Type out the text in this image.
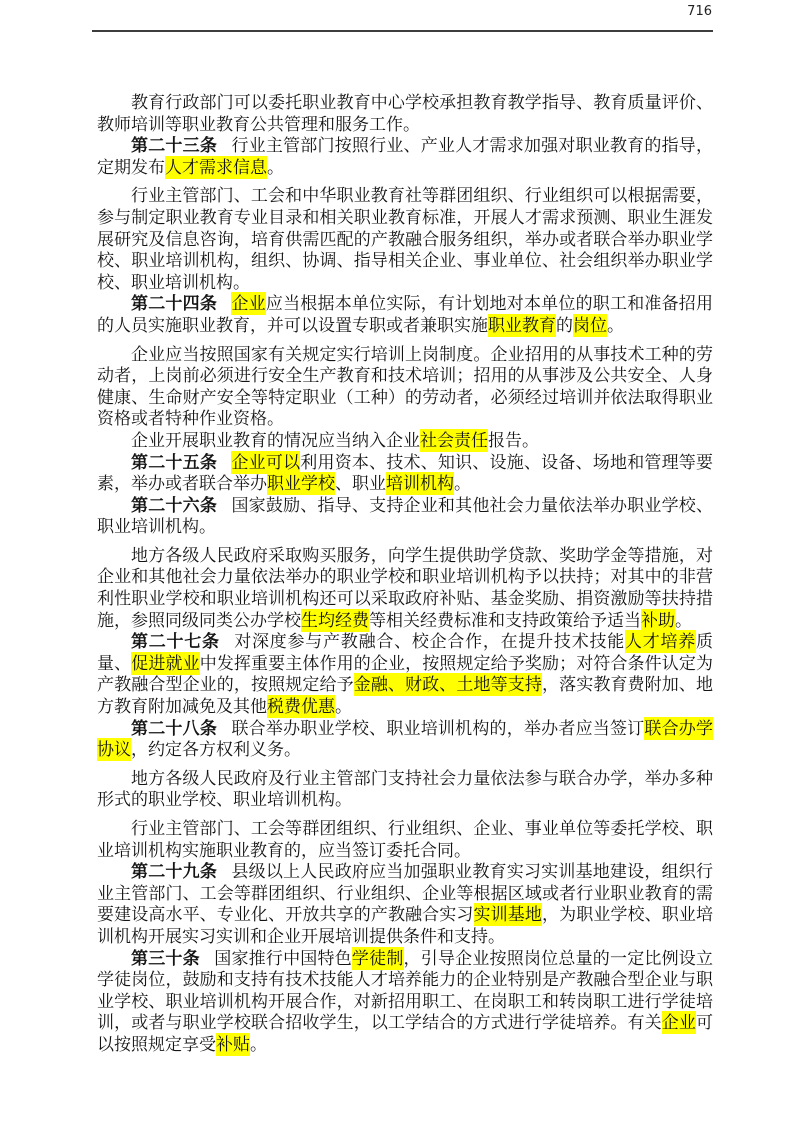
716

教育行政部门可以委托职业教育中心学校承担教育教学指导、教育质量评价、教师培训等职业教育公共管理和服务工作。

第二十三条 行业主管部门按照行业、产业人才需求加强对职业教育的指导，定期发布人才需求信息。

行业主管部门、工会和中华职业教育社等群团组织、行业组织可以根据需要，参与制定职业教育专业目录和相关职业教育标准，开展人才需求预测、职业生涯发展研究及信息咨询，培育供需匹配的产教融合服务组织，举办或者联合举办职业学校、职业培训机构，组织、协调、指导相关企业、事业单位、社会组织举办职业学校、职业培训机构。

第二十四条 企业应当根据本单位实际，有计划地对本单位的职工和准备招用的人员实施职业教育，并可以设置专职或者兼职实施职业教育的岗位。

企业应当按照国家有关规定实行培训上岗制度。企业招用的从事技术工种的劳动者，上岗前必须进行安全生产教育和技术培训；招用的从事涉及公共安全、人身健康、生命财产安全等特定职业（工种）的劳动者，必须经过培训并依法取得职业资格或者特种作业资格。

企业开展职业教育的情况应当纳入企业社会责任报告。

第二十五条 企业可以利用资本、技术、知识、设施、设备、场地和管理等要素，举办或者联合举办职业学校、职业培训机构。

第二十六条 国家鼓励、指导、支持企业和其他社会力量依法举办职业学校、职业培训机构。

地方各级人民政府采取购买服务，向学生提供助学贷款、奖助学金等措施，对企业和其他社会力量依法举办的职业学校和职业培训机构予以扶持；对其中的非营利性职业学校和职业培训机构还可以采取政府补贴、基金奖励、捐资激励等扶持措施，参照同级同类公办学校生均经费等相关经费标准和支持政策给予适当补助。

第二十七条 对深度参与产教融合、校企合作，在提升技术技能人才培养质量、促进就业中发挥重要主体作用的企业，按照规定给予奖励；对符合条件认定为产教融合型企业的，按照规定给予金融、财政、土地等支持，落实教育费附加、地方教育附加减免及其他税费优惠。

第二十八条 联合举办职业学校、职业培训机构的，举办者应当签订联合办学协议，约定各方权利义务。

地方各级人民政府及行业主管部门支持社会力量依法参与联合办学，举办多种形式的职业学校、职业培训机构。

行业主管部门、工会等群团组织、行业组织、企业、事业单位等委托学校、职业培训机构实施职业教育的，应当签订委托合同。

第二十九条 县级以上人民政府应当加强职业教育实习实训基地建设，组织行业主管部门、工会等群团组织、行业组织、企业等根据区域或者行业职业教育的需要建设高水平、专业化、开放共享的产教融合实习实训基地，为职业学校、职业培训机构开展实习实训和企业开展培训提供条件和支持。

第三十条 国家推行中国特色学徒制，引导企业按照岗位总量的一定比例设立学徒岗位，鼓励和支持有技术技能人才培养能力的企业特别是产教融合型企业与职业学校、职业培训机构开展合作，对新招用职工、在岗职工和转岗职工进行学徒培训，或者与职业学校联合招收学生，以工学结合的方式进行学徒培养。有关企业可以按照规定享受补贴。
